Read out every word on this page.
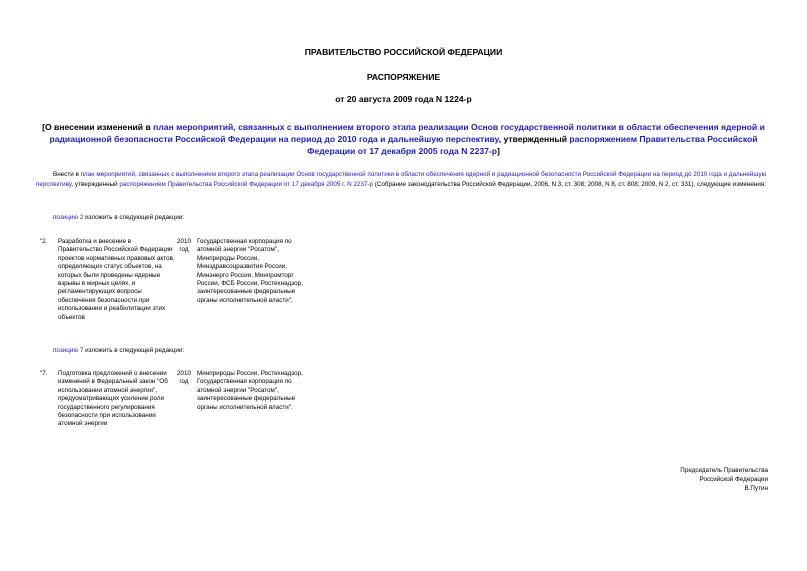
ПРАВИТЕЛЬСТВО РОССИЙСКОЙ ФЕДЕРАЦИИ
РАСПОРЯЖЕНИЕ
от 20 августа 2009 года N 1224-р
[О внесении изменений в план мероприятий, связанных с выполнением второго этапа реализации Основ государственной политики в области обеспечения ядерной и радиационной безопасности Российской Федерации на период до 2010 года и дальнейшую перспективу, утвержденный распоряжением Правительства Российской Федерации от 17 декабря 2005 года N 2237-р]
Внести в план мероприятий, связанных с выполнением второго этапа реализации Основ государственной политики в области обеспечения ядерной и радиационной безопасности Российской Федерации на период до 2010 года и дальнейшую перспективу, утвержденный распоряжением Правительства Российской Федерации от 17 декабря 2005 г. N 2237-р (Собрание законодательства Российской Федерации, 2006, N 3, ст. 308; 2008, N 8, ст. 808; 2009, N 2, ст. 331), следующие изменения:
позицию 2 изложить в следующей редакции:
"2.	Разработка и внесение в Правительство Российской Федерации проектов нормативных правовых актов, определяющих статус объектов, на которых были проведены ядерные взрывы в мирных целях, и регламентирующих вопросы обеспечения безопасности при использовании и реабилитации этих объектов
2010 год
Государственная корпорация по атомной энергии "Росатом", Минприроды России, Минздравсоцразвития России, Минэнерго России, Минпромторг России, ФСБ России, Ростехнадзор, заинтересованные федеральные органы исполнительной власти";
позицию 7 изложить в следующей редакции:
"7.	Подготовка предложений о внесении изменений в Федеральный закон "Об использовании атомной энергии", предусматривающих усиление роли государственного регулирования безопасности при использовании атомной энергии
2010 год
Минприроды России, Ростехнадзор, Государственная корпорация по атомной энергии "Росатом", заинтересованные федеральные органы исполнительной власти".
Председатель Правительства
Российской Федерации
В.Путин
